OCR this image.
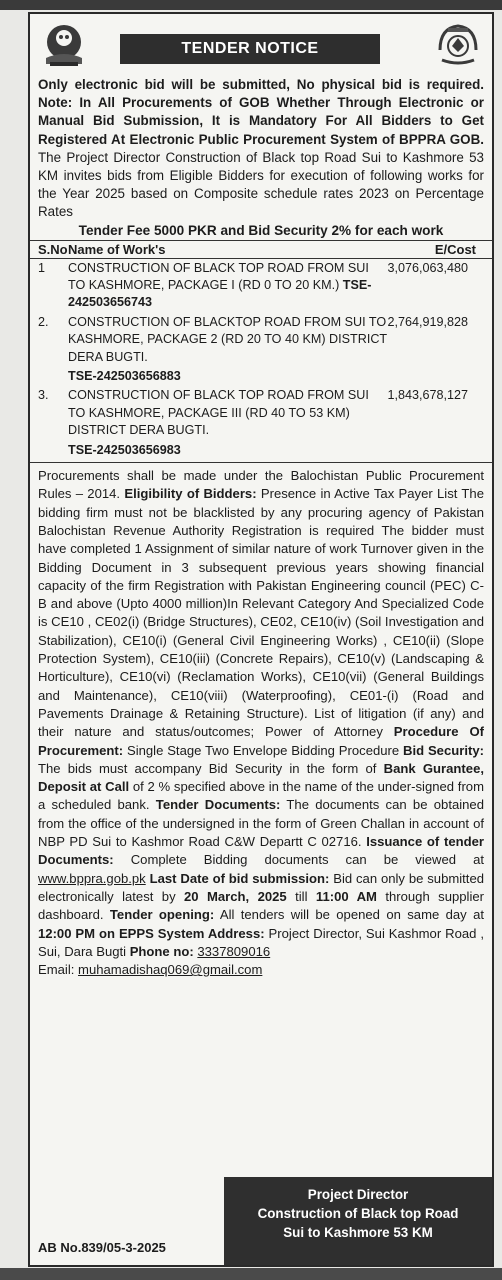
TENDER NOTICE
Only electronic bid will be submitted, No physical bid is required. Note: In All Procurements of GOB Whether Through Electronic or Manual Bid Submission, It is Mandatory For All Bidders to Get Registered At Electronic Public Procurement System of BPPRA GOB. The Project Director Construction of Black top Road Sui to Kashmore 53 KM invites bids from Eligible Bidders for execution of following works for the Year 2025 based on Composite schedule rates 2023 on Percentage Rates
Tender Fee 5000 PKR and Bid Security 2% for each work
S.No	Name of Work's	E/Cost
1	CONSTRUCTION OF BLACK TOP ROAD FROM SUI TO KASHMORE, PACKAGE I (RD 0 TO 20 KM.) TSE-242503656743	3,076,063,480
2.	CONSTRUCTION OF BLACKTOP ROAD FROM SUI TO KASHMORE, PACKAGE 2 (RD 20 TO 40 KM) DISTRICT DERA BUGTI.	2,764,919,828
TSE-242503656883		
3.	CONSTRUCTION OF BLACK TOP ROAD FROM SUI TO KASHMORE, PACKAGE III (RD 40 TO 53 KM) DISTRICT DERA BUGTI.	1,843,678,127
TSE-242503656983		
Procurements shall be made under the Balochistan Public Procurement Rules – 2014. Eligibility of Bidders: Presence in Active Tax Payer List The bidding firm must not be blacklisted by any procuring agency of Pakistan Balochistan Revenue Authority Registration is required The bidder must have completed 1 Assignment of similar nature of work Turnover given in the Bidding Document in 3 subsequent previous years showing financial capacity of the firm Registration with Pakistan Engineering council (PEC) C-B and above (Upto 4000 million)In Relevant Category And Specialized Code is CE10 , CE02(i) (Bridge Structures), CE02, CE10(iv) (Soil Investigation and Stabilization), CE10(i) (General Civil Engineering Works) , CE10(ii) (Slope Protection System), CE10(iii) (Concrete Repairs), CE10(v) (Landscaping & Horticulture), CE10(vi) (Reclamation Works), CE10(vii) (General Buildings and Maintenance), CE10(viii) (Waterproofing), CE01-(i) (Road and Pavements Drainage & Retaining Structure). List of litigation (if any) and their nature and status/outcomes; Power of Attorney Procedure Of Procurement: Single Stage Two Envelope Bidding Procedure Bid Security: The bids must accompany Bid Security in the form of Bank Gurantee, Deposit at Call of 2 % specified above in the name of the under-signed from a scheduled bank. Tender Documents: The documents can be obtained from the office of the undersigned in the form of Green Challan in account of NBP PD Sui to Kashmor Road C&W Departt C 02716. Issuance of tender Documents: Complete Bidding documents can be viewed at www.bppra.gob.pk Last Date of bid submission: Bid can only be submitted electronically latest by 20 March, 2025 till 11:00 AM through supplier dashboard. Tender opening: All tenders will be opened on same day at 12:00 PM on EPPS System Address: Project Director, Sui Kashmor Road , Sui, Dara Bugti Phone no: 3337809016
Email: muhamadishaq069@gmail.com
AB No.839/05-3-2025
Project Director
Construction of Black top Road
Sui to Kashmore 53 KM
